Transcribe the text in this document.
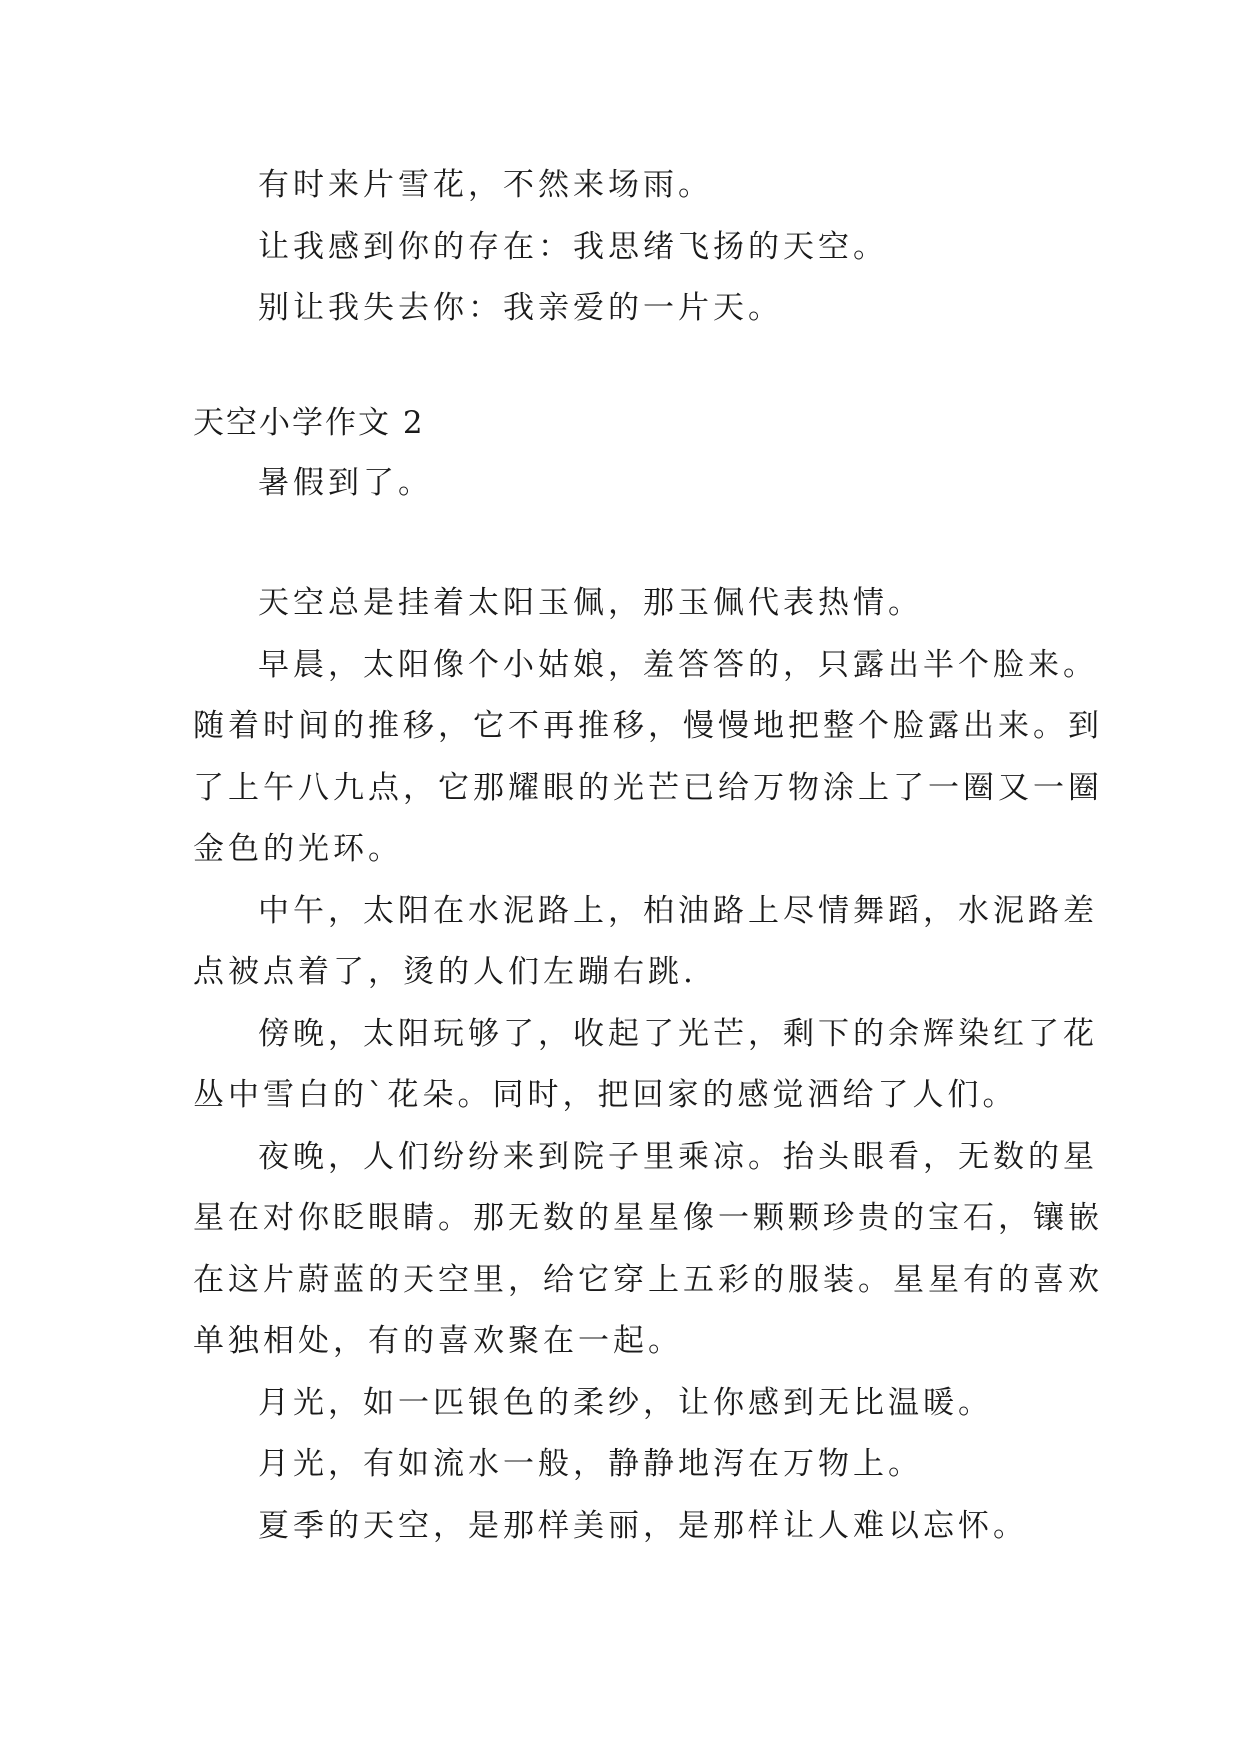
有时来片雪花，不然来场雨。
让我感到你的存在：我思绪飞扬的天空。
别让我失去你：我亲爱的一片天。
天空小学作文 2
暑假到了。
天空总是挂着太阳玉佩，那玉佩代表热情。
早晨，太阳像个小姑娘，羞答答的，只露出半个脸来。
随着时间的推移，它不再推移，慢慢地把整个脸露出来。到
了上午八九点，它那耀眼的光芒已给万物涂上了一圈又一圈
金色的光环。
中午，太阳在水泥路上，柏油路上尽情舞蹈，水泥路差
点被点着了，烫的人们左蹦右跳.
傍晚，太阳玩够了，收起了光芒，剩下的余辉染红了花
丛中雪白的`花朵。同时，把回家的感觉洒给了人们。
夜晚，人们纷纷来到院子里乘凉。抬头眼看，无数的星
星在对你眨眼睛。那无数的星星像一颗颗珍贵的宝石，镶嵌
在这片蔚蓝的天空里，给它穿上五彩的服装。星星有的喜欢
单独相处，有的喜欢聚在一起。
月光，如一匹银色的柔纱，让你感到无比温暖。
月光，有如流水一般，静静地泻在万物上。
夏季的天空，是那样美丽，是那样让人难以忘怀。
